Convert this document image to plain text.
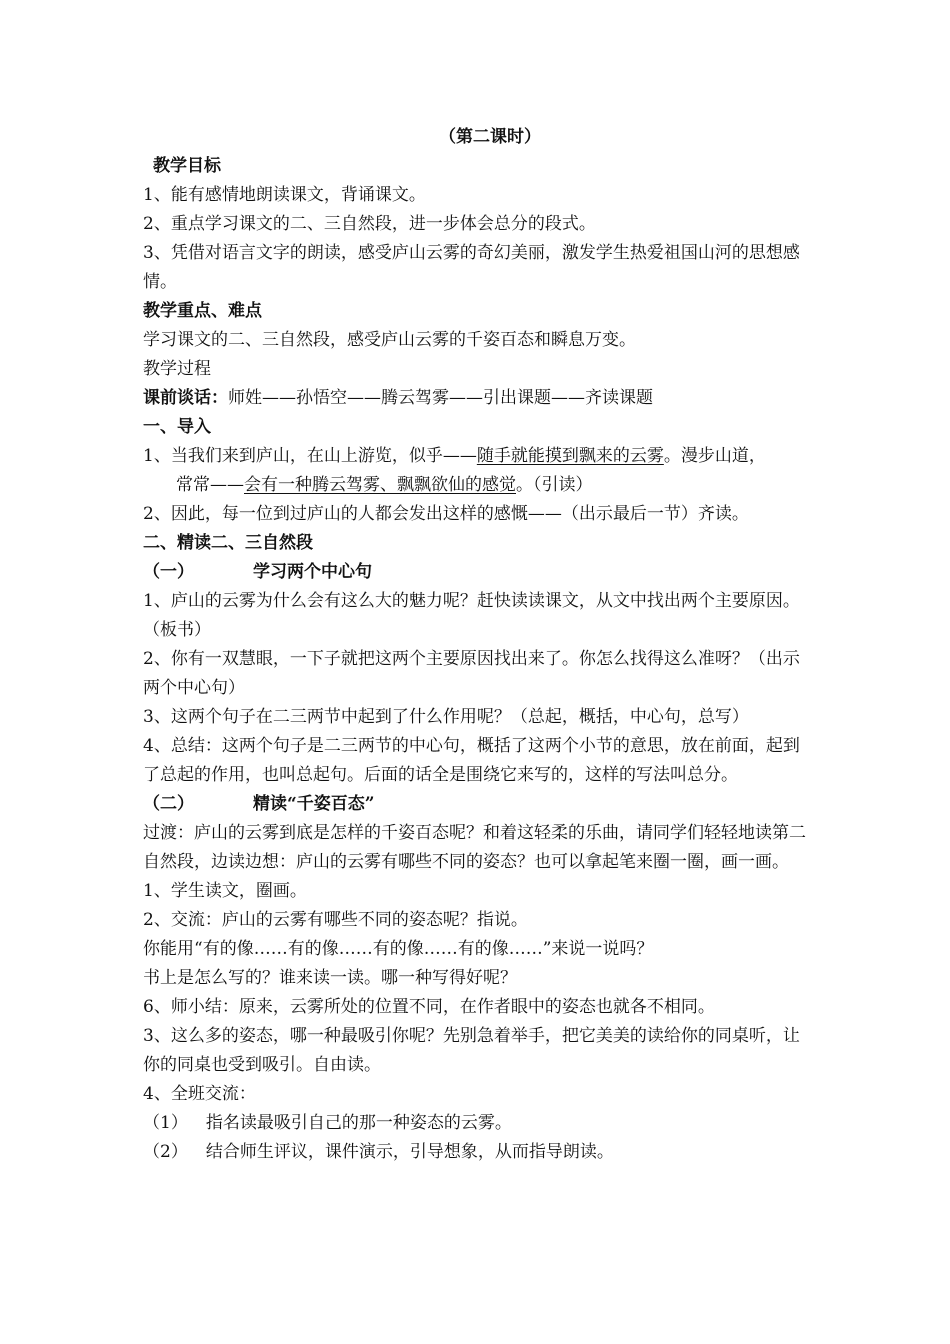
（第二课时）
教学目标
1、能有感情地朗读课文，背诵课文。
2、重点学习课文的二、三自然段，进一步体会总分的段式。
3、凭借对语言文字的朗读，感受庐山云雾的奇幻美丽，激发学生热爱祖国山河的思想感情。
教学重点、难点
学习课文的二、三自然段，感受庐山云雾的千姿百态和瞬息万变。
教学过程
课前谈话：师姓——孙悟空——腾云驾雾——引出课题——齐读课题
一、导入
1、当我们来到庐山，在山上游览，似乎——随手就能摸到飘来的云雾。漫步山道，
常常——会有一种腾云驾雾、飘飘欲仙的感觉。（引读）
2、因此，每一位到过庐山的人都会发出这样的感慨——（出示最后一节）齐读。
二、精读二、三自然段
（一）	学习两个中心句
1、庐山的云雾为什么会有这么大的魅力呢？赶快读读课文，从文中找出两个主要原因。（板书）
2、你有一双慧眼，一下子就把这两个主要原因找出来了。你怎么找得这么准呀？（出示两个中心句）
3、这两个句子在二三两节中起到了什么作用呢？（总起，概括，中心句，总写）
4、总结：这两个句子是二三两节的中心句，概括了这两个小节的意思，放在前面，起到了总起的作用，也叫总起句。后面的话全是围绕它来写的，这样的写法叫总分。
（二）	精读“千姿百态”
过渡：庐山的云雾到底是怎样的千姿百态呢？和着这轻柔的乐曲，请同学们轻轻地读第二自然段，边读边想：庐山的云雾有哪些不同的姿态？也可以拿起笔来圈一圈，画一画。
1、学生读文，圈画。
2、交流：庐山的云雾有哪些不同的姿态呢？指说。
你能用“有的像……有的像……有的像……有的像……”来说一说吗？
书上是怎么写的？谁来读一读。哪一种写得好呢？
6、师小结：原来，云雾所处的位置不同，在作者眼中的姿态也就各不相同。
3、这么多的姿态，哪一种最吸引你呢？先别急着举手，把它美美的读给你的同桌听，让你的同桌也受到吸引。自由读。
4、全班交流：
（1） 指名读最吸引自己的那一种姿态的云雾。
（2） 结合师生评议，课件演示，引导想象，从而指导朗读。
